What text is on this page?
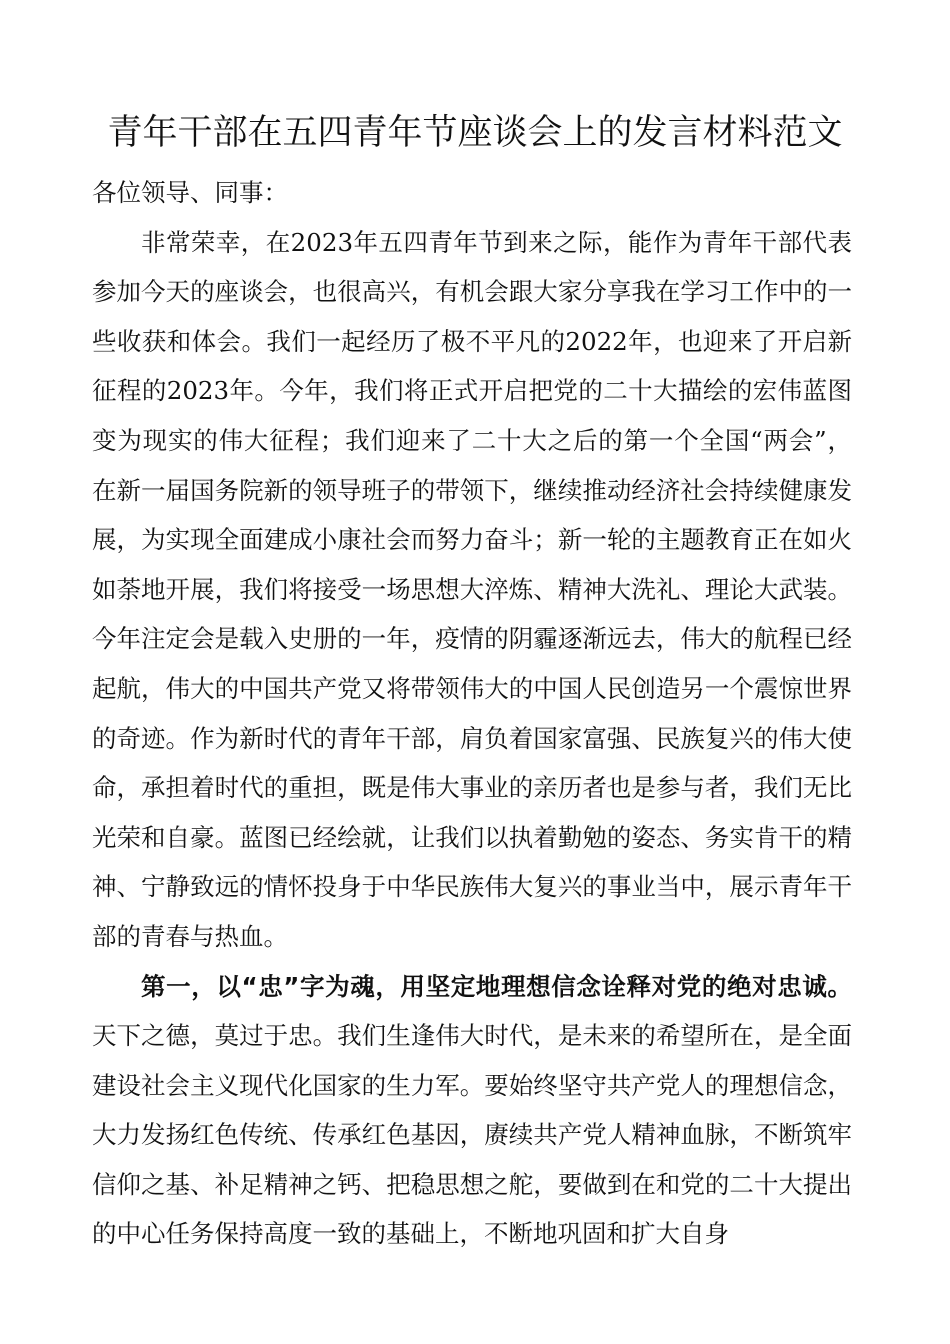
青年干部在五四青年节座谈会上的发言材料范文

各位领导、同事：

非常荣幸，在2023年五四青年节到来之际，能作为青年干部代表参加今天的座谈会，也很高兴，有机会跟大家分享我在学习工作中的一些收获和体会。我们一起经历了极不平凡的2022年，也迎来了开启新征程的2023年。今年，我们将正式开启把党的二十大描绘的宏伟蓝图变为现实的伟大征程；我们迎来了二十大之后的第一个全国“两会”，在新一届国务院新的领导班子的带领下，继续推动经济社会持续健康发展，为实现全面建成小康社会而努力奋斗；新一轮的主题教育正在如火如荼地开展，我们将接受一场思想大淬炼、精神大洗礼、理论大武装。今年注定会是载入史册的一年，疫情的阴霾逐渐远去，伟大的航程已经起航，伟大的中国共产党又将带领伟大的中国人民创造另一个震惊世界的奇迹。作为新时代的青年干部，肩负着国家富强、民族复兴的伟大使命，承担着时代的重担，既是伟大事业的亲历者也是参与者，我们无比光荣和自豪。蓝图已经绘就，让我们以执着勤勉的姿态、务实肯干的精神、宁静致远的情怀投身于中华民族伟大复兴的事业当中，展示青年干部的青春与热血。

第一，以“忠”字为魂，用坚定地理想信念诠释对党的绝对忠诚。天下之德，莫过于忠。我们生逢伟大时代，是未来的希望所在，是全面建设社会主义现代化国家的生力军。要始终坚守共产党人的理想信念，大力发扬红色传统、传承红色基因，赓续共产党人精神血脉，不断筑牢信仰之基、补足精神之钙、把稳思想之舵，要做到在和党的二十大提出的中心任务保持高度一致的基础上，不断地巩固和扩大自身
